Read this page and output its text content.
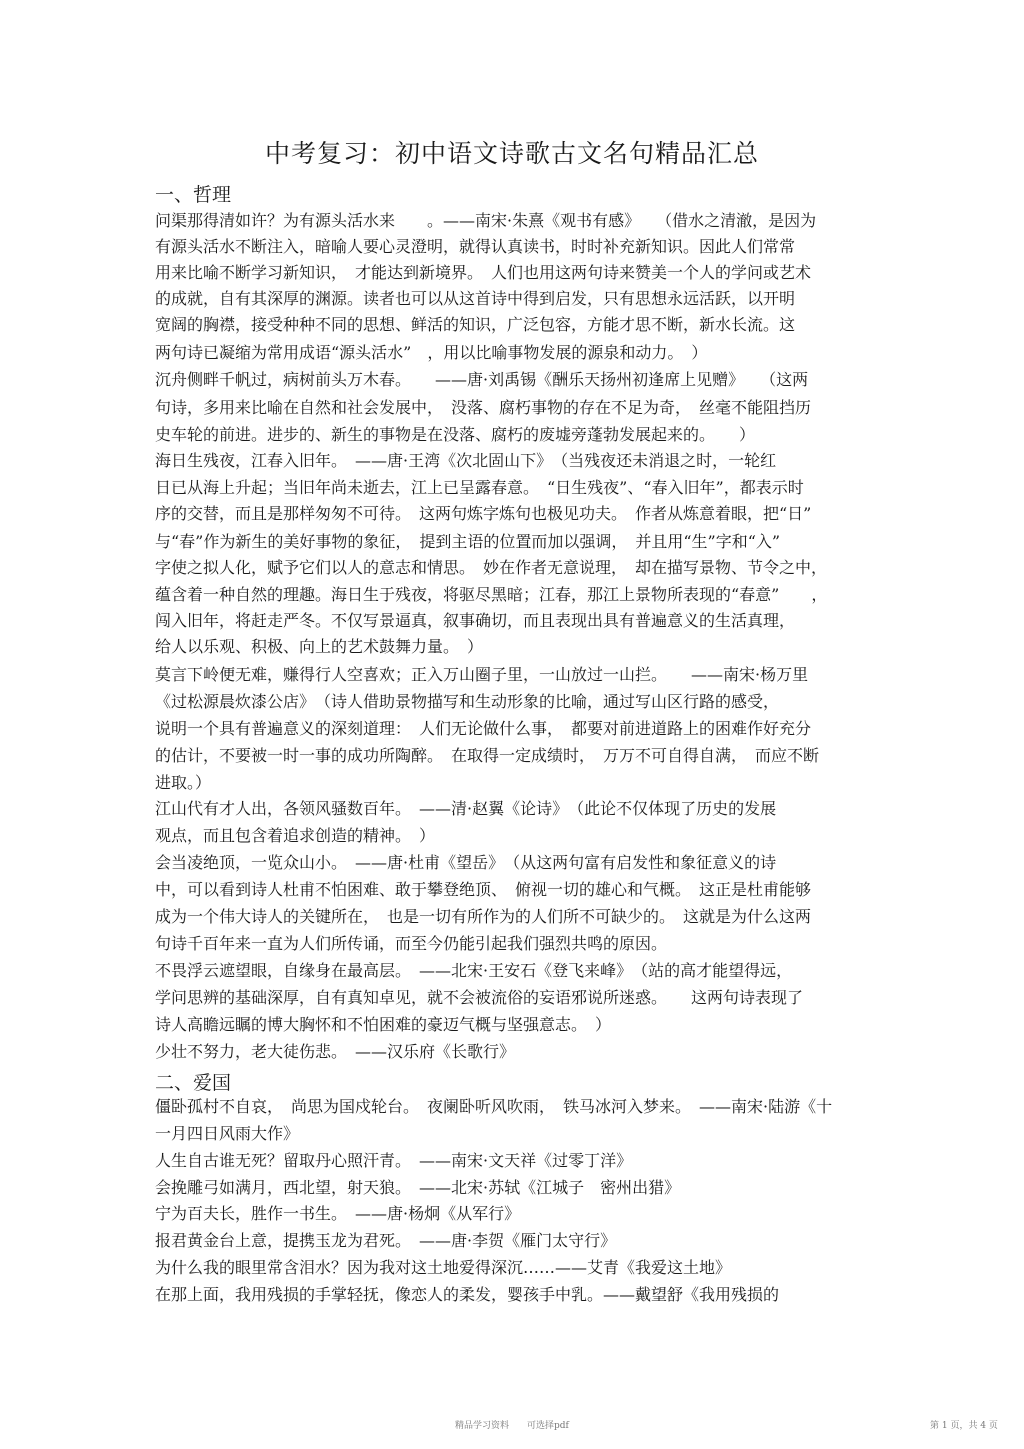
中考复习：初中语文诗歌古文名句精品汇总
一、哲理
问渠那得清如许？为有源头活水来　　。——南宋·朱熹《观书有感》　　（借水之清澈，是因为
有源头活水不断注入，暗喻人要心灵澄明，就得认真读书，时时补充新知识。因此人们常常
用来比喻不断学习新知识，　才能达到新境界。　人们也用这两句诗来赞美一个人的学问或艺术
的成就，自有其深厚的渊源。读者也可以从这首诗中得到启发，只有思想永远活跃，以开明
宽阔的胸襟，接受种种不同的思想、鲜活的知识，广泛包容，方能才思不断，新水长流。这
两句诗已凝缩为常用成语“源头活水”　，用以比喻事物发展的源泉和动力。　）
沉舟侧畔千帆过，病树前头万木春。　　——唐·刘禹锡《酬乐天扬州初逢席上见赠》　　（这两
句诗，多用来比喻在自然和社会发展中，　没落、腐朽事物的存在不足为奇，　丝毫不能阻挡历
史车轮的前进。进步的、新生的事物是在没落、腐朽的废墟旁蓬勃发展起来的。　　）
海日生残夜，江春入旧年。　——唐·王湾《次北固山下》　（当残夜还未消退之时，一轮红
日已从海上升起；当旧年尚未逝去，江上已呈露春意。　“日生残夜”、“春入旧年”，都表示时
序的交替，而且是那样匆匆不可待。　这两句炼字炼句也极见功夫。　作者从炼意着眼，把“日”
与“春”作为新生的美好事物的象征，　提到主语的位置而加以强调，　并且用“生”字和“入”
字使之拟人化，赋予它们以人的意志和情思。　妙在作者无意说理，　却在描写景物、节令之中，
蕴含着一种自然的理趣。海日生于残夜，将驱尽黑暗；江春，那江上景物所表现的“春意”　　，
闯入旧年，将赶走严冬。不仅写景逼真，叙事确切，而且表现出具有普遍意义的生活真理，
给人以乐观、积极、向上的艺术鼓舞力量。　）
莫言下岭便无难，赚得行人空喜欢；正入万山圈子里，一山放过一山拦。　　——南宋·杨万里
《过松源晨炊漆公店》　（诗人借助景物描写和生动形象的比喻，通过写山区行路的感受，
说明一个具有普遍意义的深刻道理：　人们无论做什么事，　都要对前进道路上的困难作好充分
的估计，不要被一时一事的成功所陶醉。　在取得一定成绩时，　万万不可自得自满，　而应不断
进取。）
江山代有才人出，各领风骚数百年。　——清·赵翼《论诗》　（此论不仅体现了历史的发展
观点，而且包含着追求创造的精神。　）
会当凌绝顶，一览众山小。　——唐·杜甫《望岳》　（从这两句富有启发性和象征意义的诗
中，可以看到诗人杜甫不怕困难、敢于攀登绝顶、　俯视一切的雄心和气概。　这正是杜甫能够
成为一个伟大诗人的关键所在，　也是一切有所作为的人们所不可缺少的。　这就是为什么这两
句诗千百年来一直为人们所传诵，而至今仍能引起我们强烈共鸣的原因。
不畏浮云遮望眼，自缘身在最高层。　——北宋·王安石《登飞来峰》　（站的高才能望得远，
学问思辨的基础深厚，自有真知卓见，就不会被流俗的妄语邪说所迷惑。　　这两句诗表现了
诗人高瞻远瞩的博大胸怀和不怕困难的豪迈气概与坚强意志。　）
少壮不努力，老大徒伤悲。　——汉乐府《长歌行》
二、爱国
僵卧孤村不自哀，　尚思为国戍轮台。　夜阑卧听风吹雨，　铁马冰河入梦来。　——南宋·陆游《十
一月四日风雨大作》
人生自古谁无死？留取丹心照汗青。　——南宋·文天祥《过零丁洋》
会挽雕弓如满月，西北望，射天狼。　——北宋·苏轼《江城子　密州出猎》
宁为百夫长，胜作一书生。　——唐·杨炯《从军行》
报君黄金台上意，提携玉龙为君死。　——唐·李贺《雁门太守行》
为什么我的眼里常含泪水？因为我对这土地爱得深沉……——艾青《我爱这土地》
在那上面，我用残损的手掌轻抚，像恋人的柔发，婴孩手中乳。——戴望舒《我用残损的
精品学习资料　　可选择pdf	第 1 页，共 4 页
